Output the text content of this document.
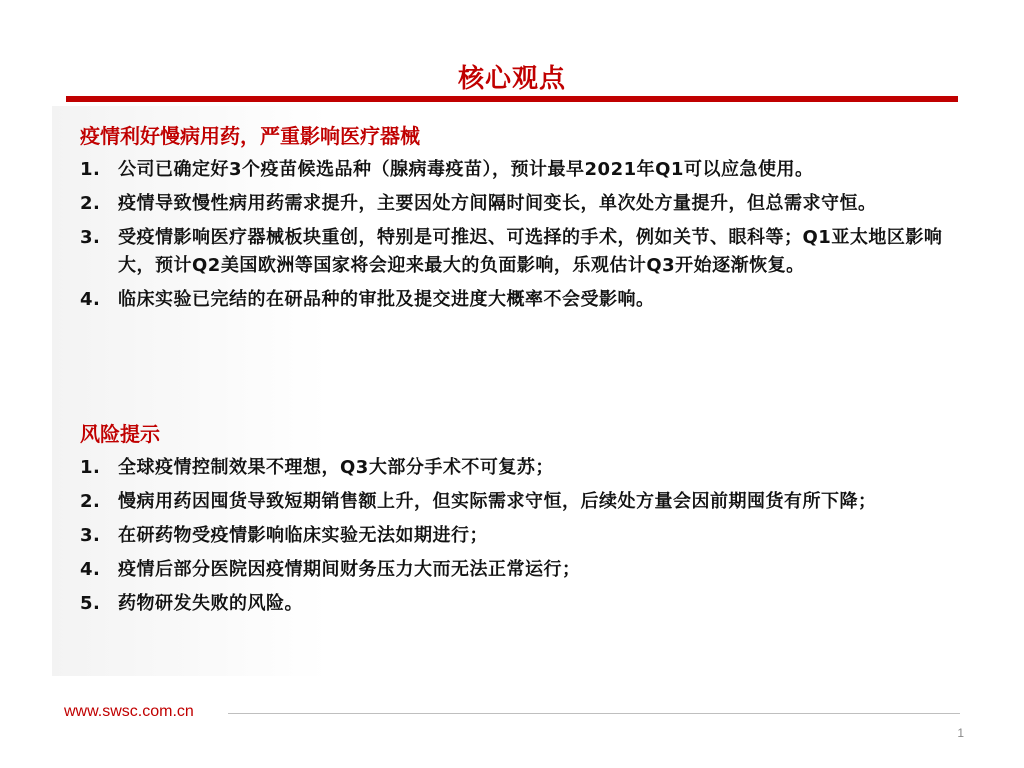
核心观点
疫情利好慢病用药，严重影响医疗器械
1. 公司已确定好3个疫苗候选品种（腺病毒疫苗），预计最早2021年Q1可以应急使用。
2. 疫情导致慢性病用药需求提升，主要因处方间隔时间变长，单次处方量提升，但总需求守恒。
3. 受疫情影响医疗器械板块重创，特别是可推迟、可选择的手术，例如关节、眼科等；Q1亚太地区影响大，预计Q2美国欧洲等国家将会迎来最大的负面影响，乐观估计Q3开始逐渐恢复。
4. 临床实验已完结的在研品种的审批及提交进度大概率不会受影响。
风险提示
1. 全球疫情控制效果不理想，Q3大部分手术不可复苏；
2. 慢病用药因囤货导致短期销售额上升，但实际需求守恒，后续处方量会因前期囤货有所下降；
3. 在研药物受疫情影响临床实验无法如期进行；
4. 疫情后部分医院因疫情期间财务压力大而无法正常运行；
5. 药物研发失败的风险。
www.swsc.com.cn
1
